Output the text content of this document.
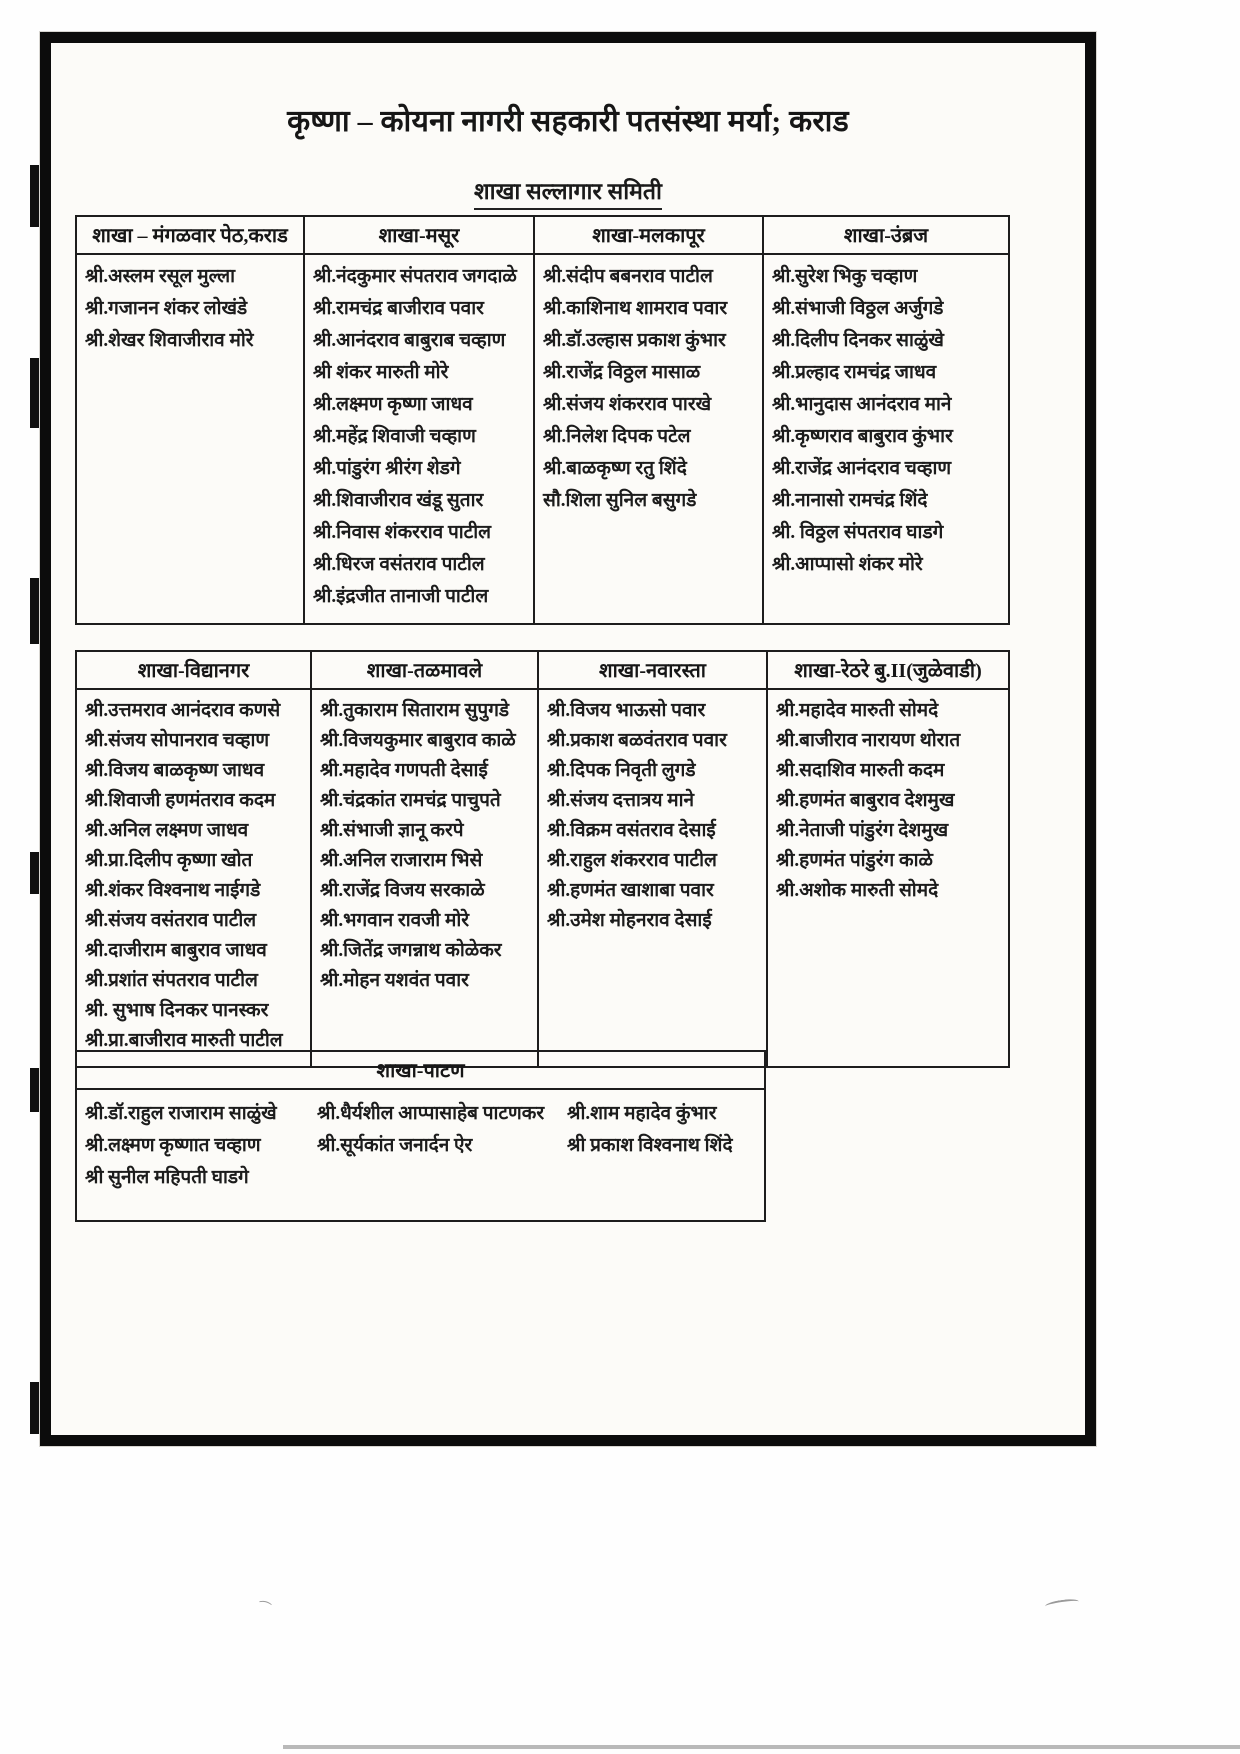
⁀
कृष्णा – कोयना नागरी सहकारी पतसंस्था मर्या; कराड

शाखा सल्लागार समिती
शाखा – मंगळवार पेठ,कराड
श्री.अस्लम रसूल मुल्ला
श्री.गजानन शंकर लोखंडे
श्री.शेखर शिवाजीराव मोरे
शाखा-मसूर
श्री.नंदकुमार संपतराव जगदाळे
श्री.रामचंद्र बाजीराव पवार
श्री.आनंदराव बाबुराब चव्हाण
श्री शंकर मारुती मोरे
श्री.लक्ष्मण कृष्णा जाधव
श्री.महेंद्र शिवाजी चव्हाण
श्री.पांडुरंग श्रीरंग शेडगे
श्री.शिवाजीराव खंडू सुतार
श्री.निवास शंकरराव पाटील
श्री.धिरज वसंतराव पाटील
श्री.इंद्रजीत तानाजी पाटील
शाखा-मलकापूर
श्री.संदीप बबनराव पाटील
श्री.काशिनाथ शामराव पवार
श्री.डॉ.उल्हास प्रकाश कुंभार
श्री.राजेंद्र विठ्ठल मासाळ
श्री.संजय शंकरराव पारखे
श्री.निलेश दिपक पटेल
श्री.बाळकृष्ण रतु शिंदे
सौ.शिला सुनिल बसुगडे
शाखा-उंब्रज
श्री.सुरेश भिकु चव्हाण
श्री.संभाजी विठ्ठल अर्जुगडे
श्री.दिलीप दिनकर साळुंखे
श्री.प्रल्हाद रामचंद्र जाधव
श्री.भानुदास आनंदराव माने
श्री.कृष्णराव बाबुराव कुंभार
श्री.राजेंद्र आनंदराव चव्हाण
श्री.नानासो रामचंद्र शिंदे
श्री. विठ्ठल संपतराव घाडगे
श्री.आप्पासो शंकर मोरे
शाखा-विद्यानगर
श्री.उत्तमराव आनंदराव कणसे
श्री.संजय सोपानराव चव्हाण
श्री.विजय बाळकृष्ण जाधव
श्री.शिवाजी हणमंतराव कदम
श्री.अनिल लक्ष्मण जाधव
श्री.प्रा.दिलीप कृष्णा खोत
श्री.शंकर विश्वनाथ नाईगडे
श्री.संजय वसंतराव पाटील
श्री.दाजीराम बाबुराव जाधव
श्री.प्रशांत संपतराव पाटील
श्री. सुभाष दिनकर पानस्कर
श्री.प्रा.बाजीराव मारुती पाटील
शाखा-तळमावले
श्री.तुकाराम सिताराम सुपुगडे
श्री.विजयकुमार बाबुराव काळे
श्री.महादेव गणपती देसाई
श्री.चंद्रकांत रामचंद्र पाचुपते
श्री.संभाजी ज्ञानू करपे
श्री.अनिल राजाराम भिसे
श्री.राजेंद्र विजय सरकाळे
श्री.भगवान रावजी मोरे
श्री.जितेंद्र जगन्नाथ कोळेकर
श्री.मोहन यशवंत पवार
शाखा-नवारस्ता
श्री.विजय भाऊसो पवार
श्री.प्रकाश बळवंतराव पवार
श्री.दिपक निवृती लुगडे
श्री.संजय दत्तात्रय माने
श्री.विक्रम वसंतराव देसाई
श्री.राहुल शंकरराव पाटील
श्री.हणमंत खाशाबा पवार
श्री.उमेश मोहनराव देसाई
शाखा-रेठरे बु.II(जुळेवाडी)
श्री.महादेव मारुती सोमदे
श्री.बाजीराव नारायण थोरात
श्री.सदाशिव मारुती कदम
श्री.हणमंत बाबुराव देशमुख
श्री.नेताजी पांडुरंग देशमुख
श्री.हणमंत पांडुरंग काळे
श्री.अशोक मारुती सोमदे
शाखा-पाटण
श्री.डॉ.राहुल राजाराम साळुंखे
श्री.लक्ष्मण कृष्णात चव्हाण
श्री सुनील महिपती घाडगे
श्री.धैर्यशील आप्पासाहेब पाटणकर
श्री.सूर्यकांत जनार्दन ऐर
श्री.शाम महादेव कुंभार
श्री प्रकाश विश्वनाथ शिंदे
